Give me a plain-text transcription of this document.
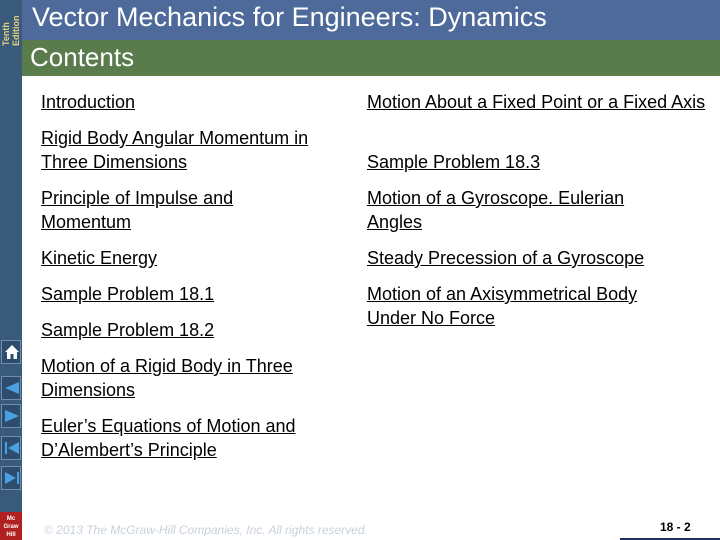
Tenth Edition Vector Mechanics for Engineers: Dynamics
Contents
Introduction
Rigid Body Angular Momentum in Three Dimensions
Principle of Impulse and Momentum
Kinetic Energy
Sample Problem 18.1
Sample Problem 18.2
Motion of a Rigid Body in Three Dimensions
Euler’s Equations of Motion and D’Alembert’s Principle
Motion About a Fixed Point or a Fixed Axis
Sample Problem 18.3
Motion of a Gyroscope. Eulerian Angles
Steady Precession of a Gyroscope
Motion of an Axisymmetrical Body Under No Force
Mc Graw Hill	© 2013 The McGraw-Hill Companies, Inc. All rights reserved.	18 - 2
